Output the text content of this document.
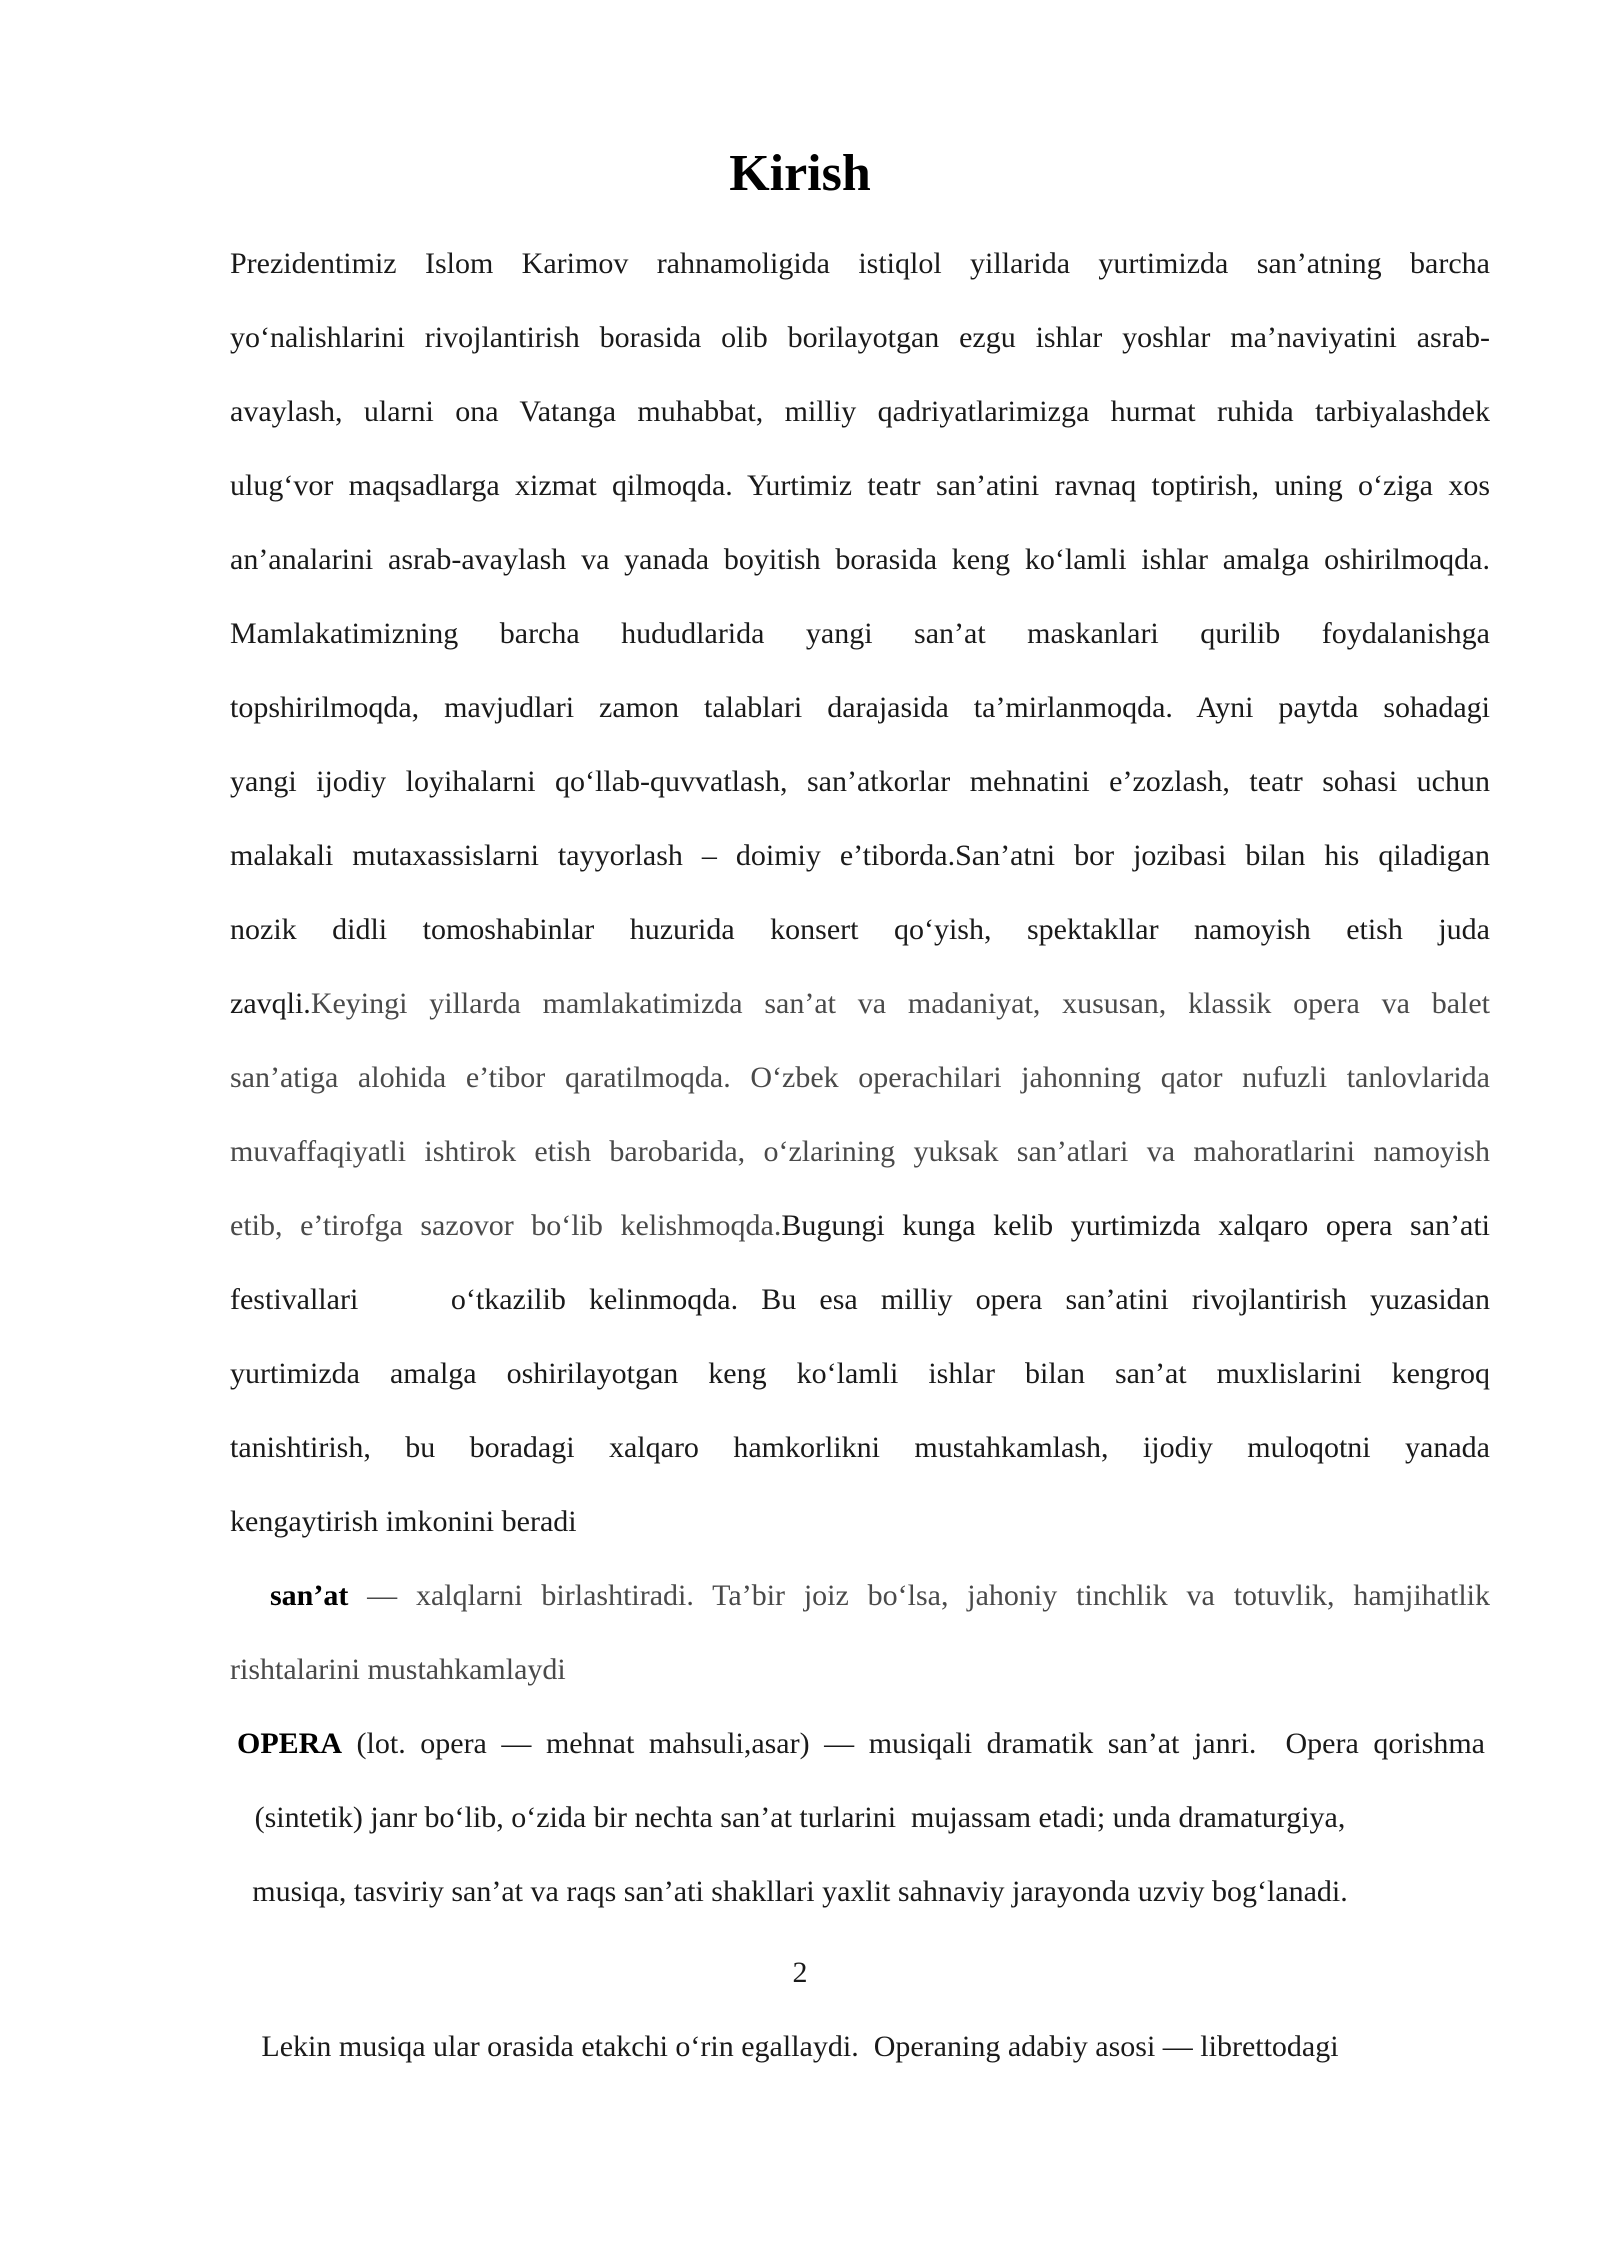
Kirish
Prezidentimiz Islom Karimov rahnamoligida istiqlol yillarida yurtimizda san’atning barcha
yo‘nalishlarini rivojlantirish borasida olib borilayotgan ezgu ishlar yoshlar ma’naviyatini asrab-
avaylash, ularni ona Vatanga muhabbat, milliy qadriyatlarimizga hurmat ruhida tarbiyalashdek
ulug‘vor maqsadlarga xizmat qilmoqda. Yurtimiz teatr san’atini ravnaq toptirish, uning o‘ziga xos
an’analarini asrab-avaylash va yanada boyitish borasida keng ko‘lamli ishlar amalga oshirilmoqda.
Mamlakatimizning barcha hududlarida yangi san’at maskanlari qurilib foydalanishga
topshirilmoqda, mavjudlari zamon talablari darajasida ta’mirlanmoqda. Ayni paytda sohadagi
yangi ijodiy loyihalarni qo‘llab-quvvatlash, san’atkorlar mehnatini e’zozlash, teatr sohasi uchun
malakali mutaxassislarni tayyorlash – doimiy e’tiborda.San’atni bor jozibasi bilan his qiladigan
nozik didli tomoshabinlar huzurida konsert qo‘yish, spektakllar namoyish etish juda
zavqli.Keyingi yillarda mamlakatimizda san’at va madaniyat, xususan, klassik opera va balet
san’atiga alohida e’tibor qaratilmoqda. O‘zbek operachilari jahonning qator nufuzli tanlovlarida
muvaffaqiyatli ishtirok etish barobarida, o‘zlarining yuksak san’atlari va mahoratlarini namoyish
etib, e’tirofga sazovor bo‘lib kelishmoqda.Bugungi kunga kelib yurtimizda xalqaro opera san’ati
festivallari    o‘tkazilib kelinmoqda. Bu esa milliy opera san’atini rivojlantirish yuzasidan
yurtimizda amalga oshirilayotgan keng ko‘lamli ishlar bilan san’at muxlislarini kengroq
tanishtirish, bu boradagi xalqaro hamkorlikni mustahkamlash, ijodiy muloqotni yanada
kengaytirish imkonini beradi
san’at — xalqlarni birlashtiradi. Ta’bir joiz bo‘lsa, jahoniy tinchlik va totuvlik, hamjihatlik
rishtalarini mustahkamlaydi
OPERA (lot. opera — mehnat mahsuli,asar) — musiqali dramatik san’at janri.  Opera qorishma
(sintetik) janr bo‘lib, o‘zida bir nechta san’at turlarini  mujassam etadi; unda dramaturgiya,
musiqa, tasviriy san’at va raqs san’ati shakllari yaxlit sahnaviy jarayonda uzviy bog‘lanadi.
2
Lekin musiqa ular orasida etakchi o‘rin egallaydi.  Operaning adabiy asosi — librettodagi
